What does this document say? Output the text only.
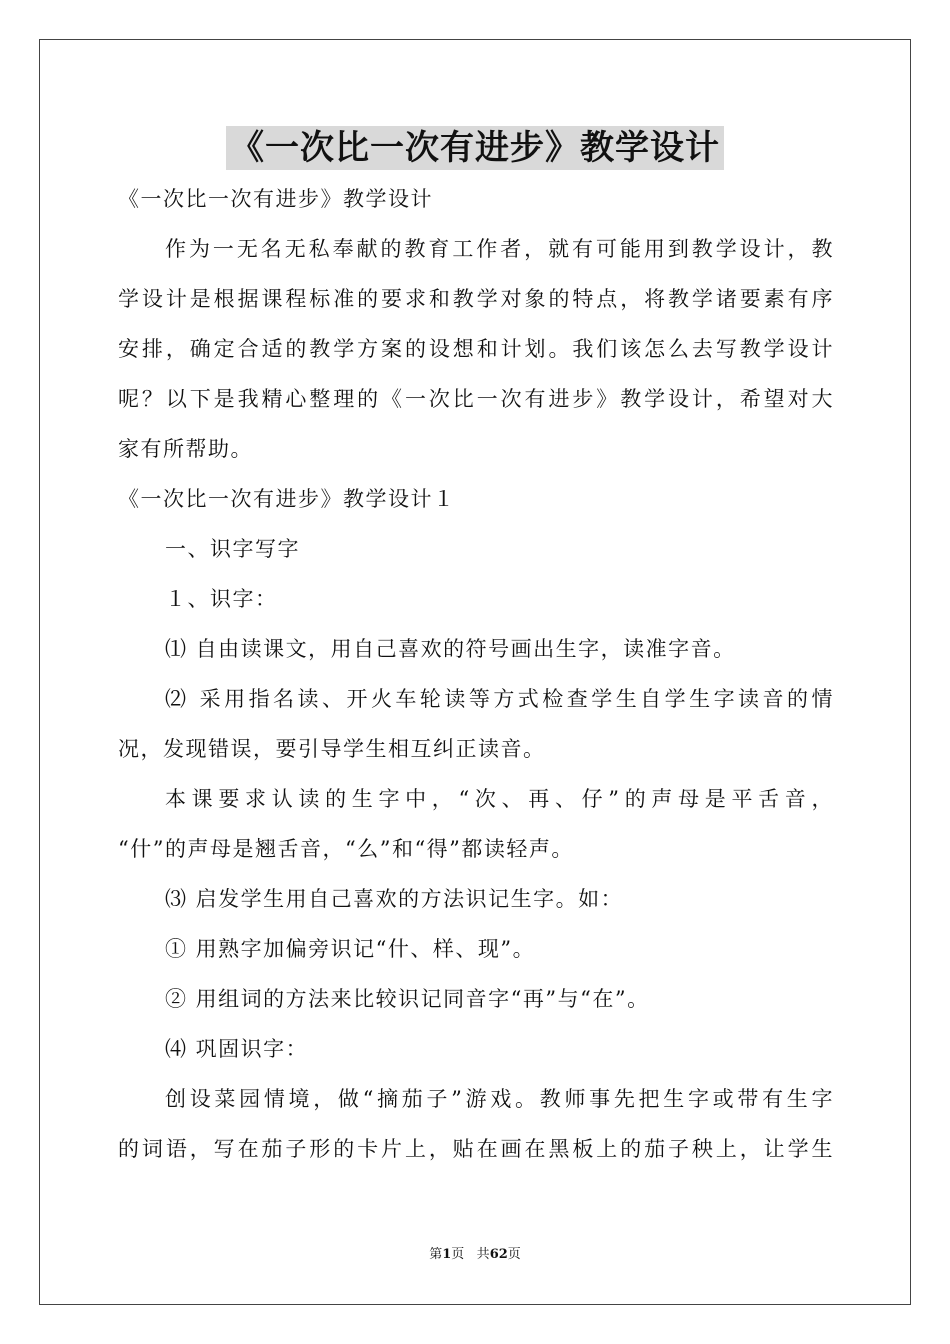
《一次比一次有进步》教学设计
《一次比一次有进步》教学设计
作为一无名无私奉献的教育工作者，就有可能用到教学设计，教
学设计是根据课程标准的要求和教学对象的特点，将教学诸要素有序
安排，确定合适的教学方案的设想和计划。我们该怎么去写教学设计
呢？以下是我精心整理的《一次比一次有进步》教学设计，希望对大
家有所帮助。
《一次比一次有进步》教学设计１
一、识字写字
１、识字：
⑴ 自由读课文，用自己喜欢的符号画出生字，读准字音。
⑵ 采用指名读、开火车轮读等方式检查学生自学生字读音的情
况，发现错误，要引导学生相互纠正读音。
本课要求认读的生字中，“次、再、仔”的声母是平舌音，
“什”的声母是翘舌音，“么”和“得”都读轻声。
⑶ 启发学生用自己喜欢的方法识记生字。如：
① 用熟字加偏旁识记“什、样、现”。
② 用组词的方法来比较识记同音字“再”与“在”。
⑷ 巩固识字：
创设菜园情境，做“摘茄子”游戏。教师事先把生字或带有生字
的词语，写在茄子形的卡片上，贴在画在黑板上的茄子秧上，让学生
第1页 共62页
